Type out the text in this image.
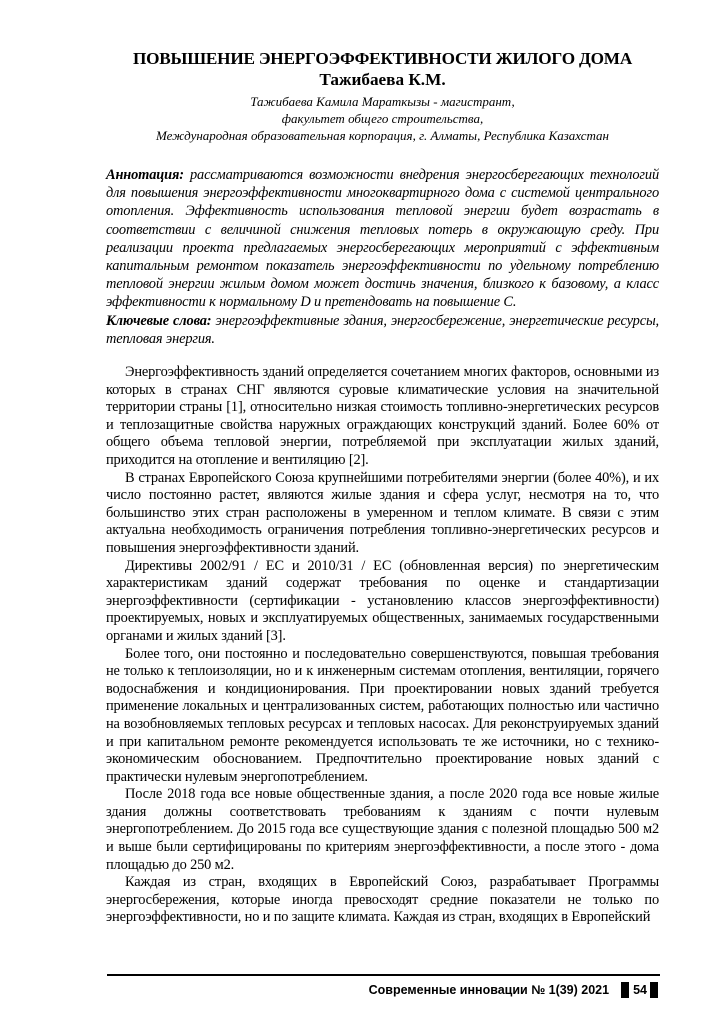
ПОВЫШЕНИЕ ЭНЕРГОЭФФЕКТИВНОСТИ ЖИЛОГО ДОМА
Тажибаева К.М.
Тажибаева Камила Мараткызы - магистрант,
факультет общего строительства,
Международная образовательная корпорация, г. Алматы, Республика Казахстан

Аннотация: рассматриваются возможности внедрения энергосберегающих технологий для повышения энергоэффективности многоквартирного дома с системой центрального отопления. Эффективность использования тепловой энергии будет возрастать в соответствии с величиной снижения тепловых потерь в окружающую среду. При реализации проекта предлагаемых энергосберегающих мероприятий с эффективным капитальным ремонтом показатель энергоэффективности по удельному потреблению тепловой энергии жилым домом может достичь значения, близкого к базовому, а класс эффективности к нормальному D и претендовать на повышение C.

Ключевые слова: энергоэффективные здания, энергосбережение, энергетические ресурсы, тепловая энергия.

Энергоэффективность зданий определяется сочетанием многих факторов, основными из которых в странах СНГ являются суровые климатические условия на значительной территории страны [1], относительно низкая стоимость топливно-энергетических ресурсов и теплозащитные свойства наружных ограждающих конструкций зданий. Более 60% от общего объема тепловой энергии, потребляемой при эксплуатации жилых зданий, приходится на отопление и вентиляцию [2].

В странах Европейского Союза крупнейшими потребителями энергии (более 40%), и их число постоянно растет, являются жилые здания и сфера услуг, несмотря на то, что большинство этих стран расположены в умеренном и теплом климате. В связи с этим актуальна необходимость ограничения потребления топливно-энергетических ресурсов и повышения энергоэффективности зданий.

Директивы 2002/91 / ЕС и 2010/31 / ЕС (обновленная версия) по энергетическим характеристикам зданий содержат требования по оценке и стандартизации энергоэффективности (сертификации - установлению классов энергоэффективности) проектируемых, новых и эксплуатируемых общественных, занимаемых государственными органами и жилых зданий [3].

Более того, они постоянно и последовательно совершенствуются, повышая требования не только к теплоизоляции, но и к инженерным системам отопления, вентиляции, горячего водоснабжения и кондиционирования. При проектировании новых зданий требуется применение локальных и централизованных систем, работающих полностью или частично на возобновляемых тепловых ресурсах и тепловых насосах. Для реконструируемых зданий и при капитальном ремонте рекомендуется использовать те же источники, но с технико-экономическим обоснованием. Предпочтительно проектирование новых зданий с практически нулевым энергопотреблением.

После 2018 года все новые общественные здания, а после 2020 года все новые жилые здания должны соответствовать требованиям к зданиям с почти нулевым энергопотреблением. До 2015 года все существующие здания с полезной площадью 500 м2 и выше были сертифицированы по критериям энергоэффективности, а после этого - дома площадью до 250 м2.

Каждая из стран, входящих в Европейский Союз, разрабатывает Программы энергосбережения, которые иногда превосходят средние показатели не только по энергоэффективности, но и по защите климата. Каждая из стран, входящих в Европейский

Современные инновации № 1(39) 2021 54
